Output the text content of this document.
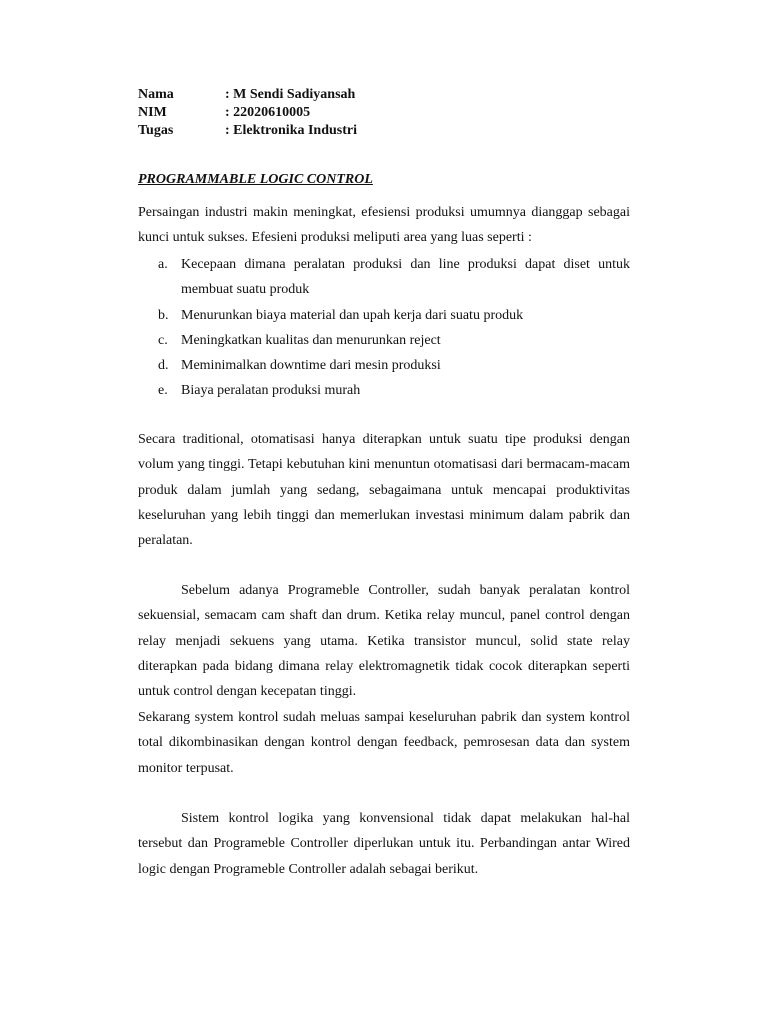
Nama	: M Sendi Sadiyansah
NIM	: 22020610005
Tugas	: Elektronika Industri
PROGRAMMABLE LOGIC CONTROL

Persaingan industri makin meningkat, efesiensi produksi umumnya dianggap sebagai kunci untuk sukses. Efesieni produksi meliputi area yang luas seperti :

a. Kecepaan dimana peralatan produksi dan line produksi dapat diset untuk membuat suatu produk
b. Menurunkan biaya material dan upah kerja dari suatu produk
c. Meningkatkan kualitas dan menurunkan reject
d. Meminimalkan downtime dari mesin produksi
e. Biaya peralatan produksi murah

Secara traditional, otomatisasi hanya diterapkan untuk suatu tipe produksi dengan volum yang tinggi. Tetapi kebutuhan kini menuntun otomatisasi dari bermacam-macam produk dalam jumlah yang sedang, sebagaimana untuk mencapai produktivitas keseluruhan yang lebih tinggi dan memerlukan investasi minimum dalam pabrik dan peralatan.

Sebelum adanya Programeble Controller, sudah banyak peralatan kontrol sekuensial, semacam cam shaft dan drum. Ketika relay muncul, panel control dengan relay menjadi sekuens yang utama. Ketika transistor muncul, solid state relay diterapkan pada bidang dimana relay elektromagnetik tidak cocok diterapkan seperti untuk control dengan kecepatan tinggi.

Sekarang system kontrol sudah meluas sampai keseluruhan pabrik dan system kontrol total dikombinasikan dengan kontrol dengan feedback, pemrosesan data dan system monitor terpusat.

Sistem kontrol logika yang konvensional tidak dapat melakukan hal-hal tersebut dan Programeble Controller diperlukan untuk itu. Perbandingan antar Wired logic dengan Programeble Controller adalah sebagai berikut.
